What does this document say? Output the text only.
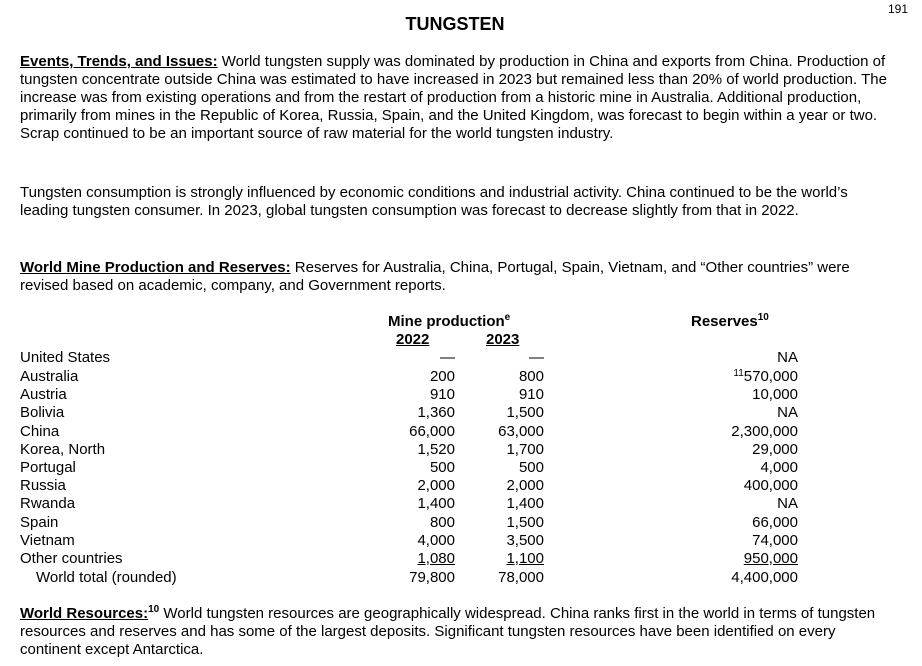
191
TUNGSTEN

Events, Trends, and Issues: World tungsten supply was dominated by production in China and exports from China. Production of tungsten concentrate outside China was estimated to have increased in 2023 but remained less than 20% of world production. The increase was from existing operations and from the restart of production from a historic mine in Australia. Additional production, primarily from mines in the Republic of Korea, Russia, Spain, and the United Kingdom, was forecast to begin within a year or two. Scrap continued to be an important source of raw material for the world tungsten industry.

Tungsten consumption is strongly influenced by economic conditions and industrial activity. China continued to be the world’s leading tungsten consumer. In 2023, global tungsten consumption was forecast to decrease slightly from that in 2022.

World Mine Production and Reserves: Reserves for Australia, China, Portugal, Spain, Vietnam, and “Other countries” were revised based on academic, company, and Government reports.

Mine production$^e$
2022	2023
Reserves$^{10}$
United States	—	—	NA
Australia	200	800	$^{11}$570,000
Austria	910	910	10,000
Bolivia	1,360	1,500	NA
China	66,000	63,000	2,300,000
Korea, North	1,520	1,700	29,000
Portugal	500	500	4,000
Russia	2,000	2,000	400,000
Rwanda	1,400	1,400	NA
Spain	800	1,500	66,000
Vietnam	4,000	3,500	74,000
Other countries	1,080	1,100	950,000
World total (rounded)	79,800	78,000	4,400,000

World Resources:$^{10}$ World tungsten resources are geographically widespread. China ranks first in the world in terms of tungsten resources and reserves and has some of the largest deposits. Significant tungsten resources have been identified on every continent except Antarctica.
